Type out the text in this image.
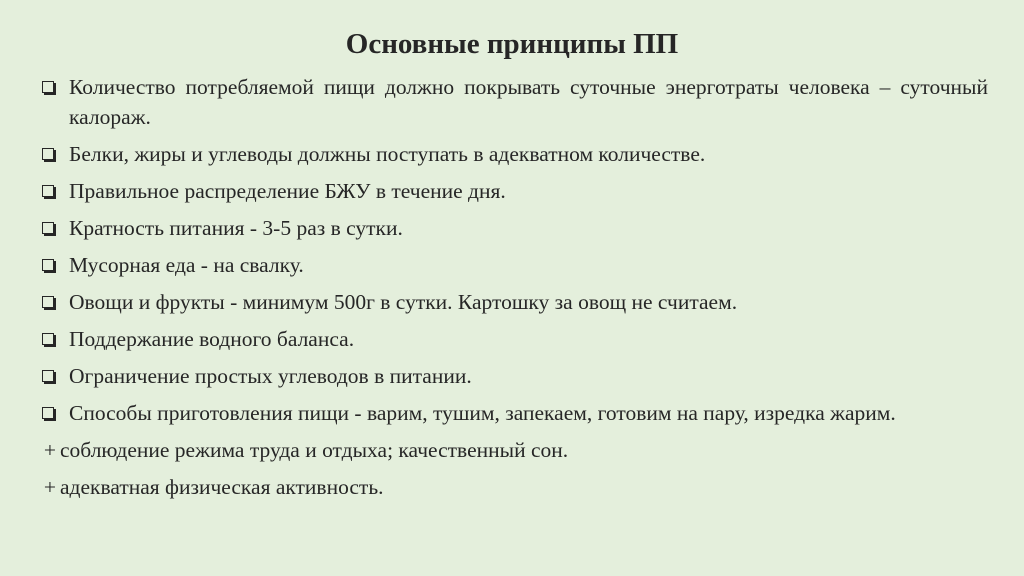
Основные принципы ПП
Количество потребляемой пищи должно покрывать суточные энерготраты человека – суточный калораж.
Белки, жиры и углеводы должны поступать в адекватном количестве.
Правильное распределение БЖУ в течение дня.
Кратность питания - 3-5 раз в сутки.
Мусорная еда - на свалку.
Овощи и фрукты - минимум 500г в сутки. Картошку за овощ не считаем.
Поддержание водного баланса.
Ограничение простых углеводов в питании.
Способы приготовления пищи - варим, тушим, запекаем, готовим на пару, изредка жарим.
+ соблюдение режима труда и отдыха; качественный сон.
+ адекватная физическая активность.
